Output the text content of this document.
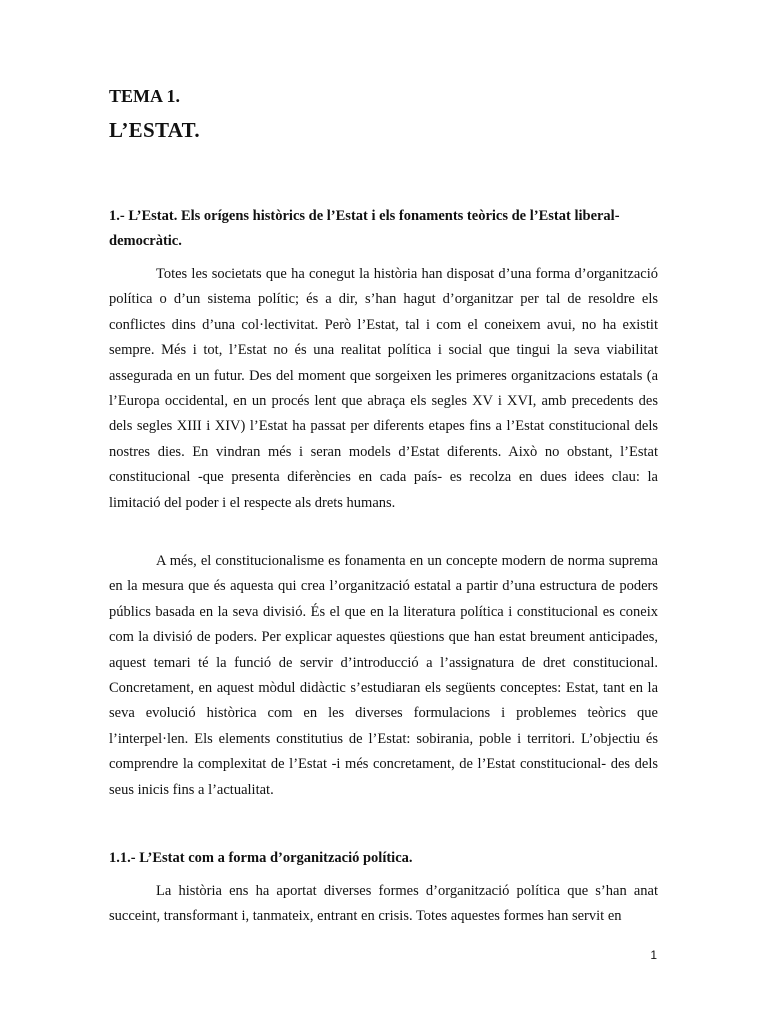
TEMA 1.
L’ESTAT.
1.- L’Estat. Els orígens històrics de l’Estat i els fonaments teòrics de l’Estat liberal-democràtic.

Totes les societats que ha conegut la història han disposat d’una forma d’organització política o d’un sistema polític; és a dir, s’han hagut d’organitzar per tal de resoldre els conflictes dins d’una col·lectivitat. Però l’Estat, tal i com el coneixem avui, no ha existit sempre. Més i tot, l’Estat no és una realitat política i social que tingui la seva viabilitat assegurada en un futur. Des del moment que sorgeixen les primeres organitzacions estatals (a l’Europa occidental, en un procés lent que abraça els segles XV i XVI, amb precedents des dels segles XIII i XIV) l’Estat ha passat per diferents etapes fins a l’Estat constitucional dels nostres dies. En vindran més i seran models d’Estat diferents. Això no obstant, l’Estat constitucional -que presenta diferències en cada país- es recolza en dues idees clau: la limitació del poder i el respecte als drets humans.

A més, el constitucionalisme es fonamenta en un concepte modern de norma suprema en la mesura que és aquesta qui crea l’organització estatal a partir d’una estructura de poders públics basada en la seva divisió. És el que en la literatura política i constitucional es coneix com la divisió de poders. Per explicar aquestes qüestions que han estat breument anticipades, aquest temari té la funció de servir d’introducció a l’assignatura de dret constitucional. Concretament, en aquest mòdul didàctic s’estudiaran els següents conceptes: Estat, tant en la seva evolució històrica com en les diverses formulacions i problemes teòrics que l’interpel·len. Els elements constitutius de l’Estat: sobirania, poble i territori. L’objectiu és comprendre la complexitat de l’Estat -i més concretament, de l’Estat constitucional- des dels seus inicis fins a l’actualitat.

1.1.- L’Estat com a forma d’organització política.

La història ens ha aportat diverses formes d’organització política que s’han anat succeint, transformant i, tanmateix, entrant en crisis. Totes aquestes formes han servit en

1
